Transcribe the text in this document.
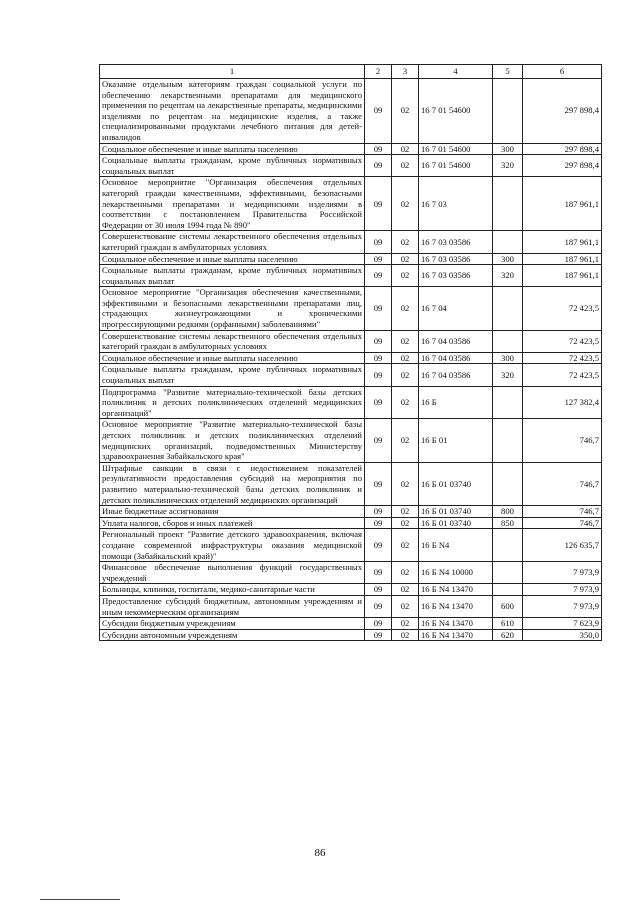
1	2	3	4	5	6
Оказание отдельным категориям граждан социальной услуги по обеспечению лекарственными препаратами для медицинского применения по рецептам на лекарственные препараты, медицинскими изделиями по рецептам на медицинские изделия, а также специализированными продуктами лечебного питания для детей-инвалидов	09	02	16 7 01 54600		297 898,4
Социальное обеспечение и иные выплаты населению	09	02	16 7 01 54600	300	297 898,4
Социальные выплаты гражданам, кроме публичных нормативных социальных выплат	09	02	16 7 01 54600	320	297 898,4
Основное мероприятие "Организация обеспечения отдельных категорий граждан качественными, эффективными, безопасными лекарственными препаратами и медицинскими изделиями в соответствии с постановлением Правительства Российской Федерации от 30 июля 1994 года № 890"	09	02	16 7 03		187 961,1
Совершенствование системы лекарственного обеспечения отдельных категорий граждан в амбулаторных условиях	09	02	16 7 03 03586		187 961,1
Социальное обеспечение и иные выплаты населению	09	02	16 7 03 03586	300	187 961,1
Социальные выплаты гражданам, кроме публичных нормативных социальных выплат	09	02	16 7 03 03586	320	187 961,1
Основное мероприятие "Организация обеспечения качественными, эффективными и безопасными лекарственными препаратами лиц, страдающих жизнеугрожающими и хроническими прогрессирующими редкими (орфанными) заболеваниями"	09	02	16 7 04		72 423,5
Совершенствование системы лекарственного обеспечения отдельных категорий граждан в амбулаторных условиях	09	02	16 7 04 03586		72 423,5
Социальное обеспечение и иные выплаты населению	09	02	16 7 04 03586	300	72 423,5
Социальные выплаты гражданам, кроме публичных нормативных социальных выплат	09	02	16 7 04 03586	320	72 423,5
Подпрограмма "Развитие материально-технической базы детских поликлиник и детских поликлинических отделений медицинских организаций"	09	02	16 Б		127 382,4
Основное мероприятие "Развитие материально-технической базы детских поликлиник и детских поликлинических отделений медицинских организаций, подведомственных Министерству здравоохранения Забайкальского края"	09	02	16 Б 01		746,7
Штрафные санкции в связи с недостижением показателей результативности предоставления субсидий на мероприятия по развитию материально-технической базы детских поликлиник и детских поликлинических отделений медицинских организаций	09	02	16 Б 01 03740		746,7
Иные бюджетные ассигнования	09	02	16 Б 01 03740	800	746,7
Уплата налогов, сборов и иных платежей	09	02	16 Б 01 03740	850	746,7
Региональный проект "Развитие детского здравоохранения, включая создание современной инфраструктуры оказания медицинской помощи (Забайкальский край)"	09	02	16 Б N4		126 635,7
Финансовое обеспечение выполнения функций государственных учреждений	09	02	16 Б N4 10000		7 973,9
Больницы, клиники, госпитали, медико-санитарные части	09	02	16 Б N4 13470		7 973,9
Предоставление субсидий бюджетным, автономным учреждениям и иным некоммерческим организациям	09	02	16 Б N4 13470	600	7 973,9
Субсидии бюджетным учреждениям	09	02	16 Б N4 13470	610	7 623,9
Субсидии автономным учреждениям	09	02	16 Б N4 13470	620	350,0
86
